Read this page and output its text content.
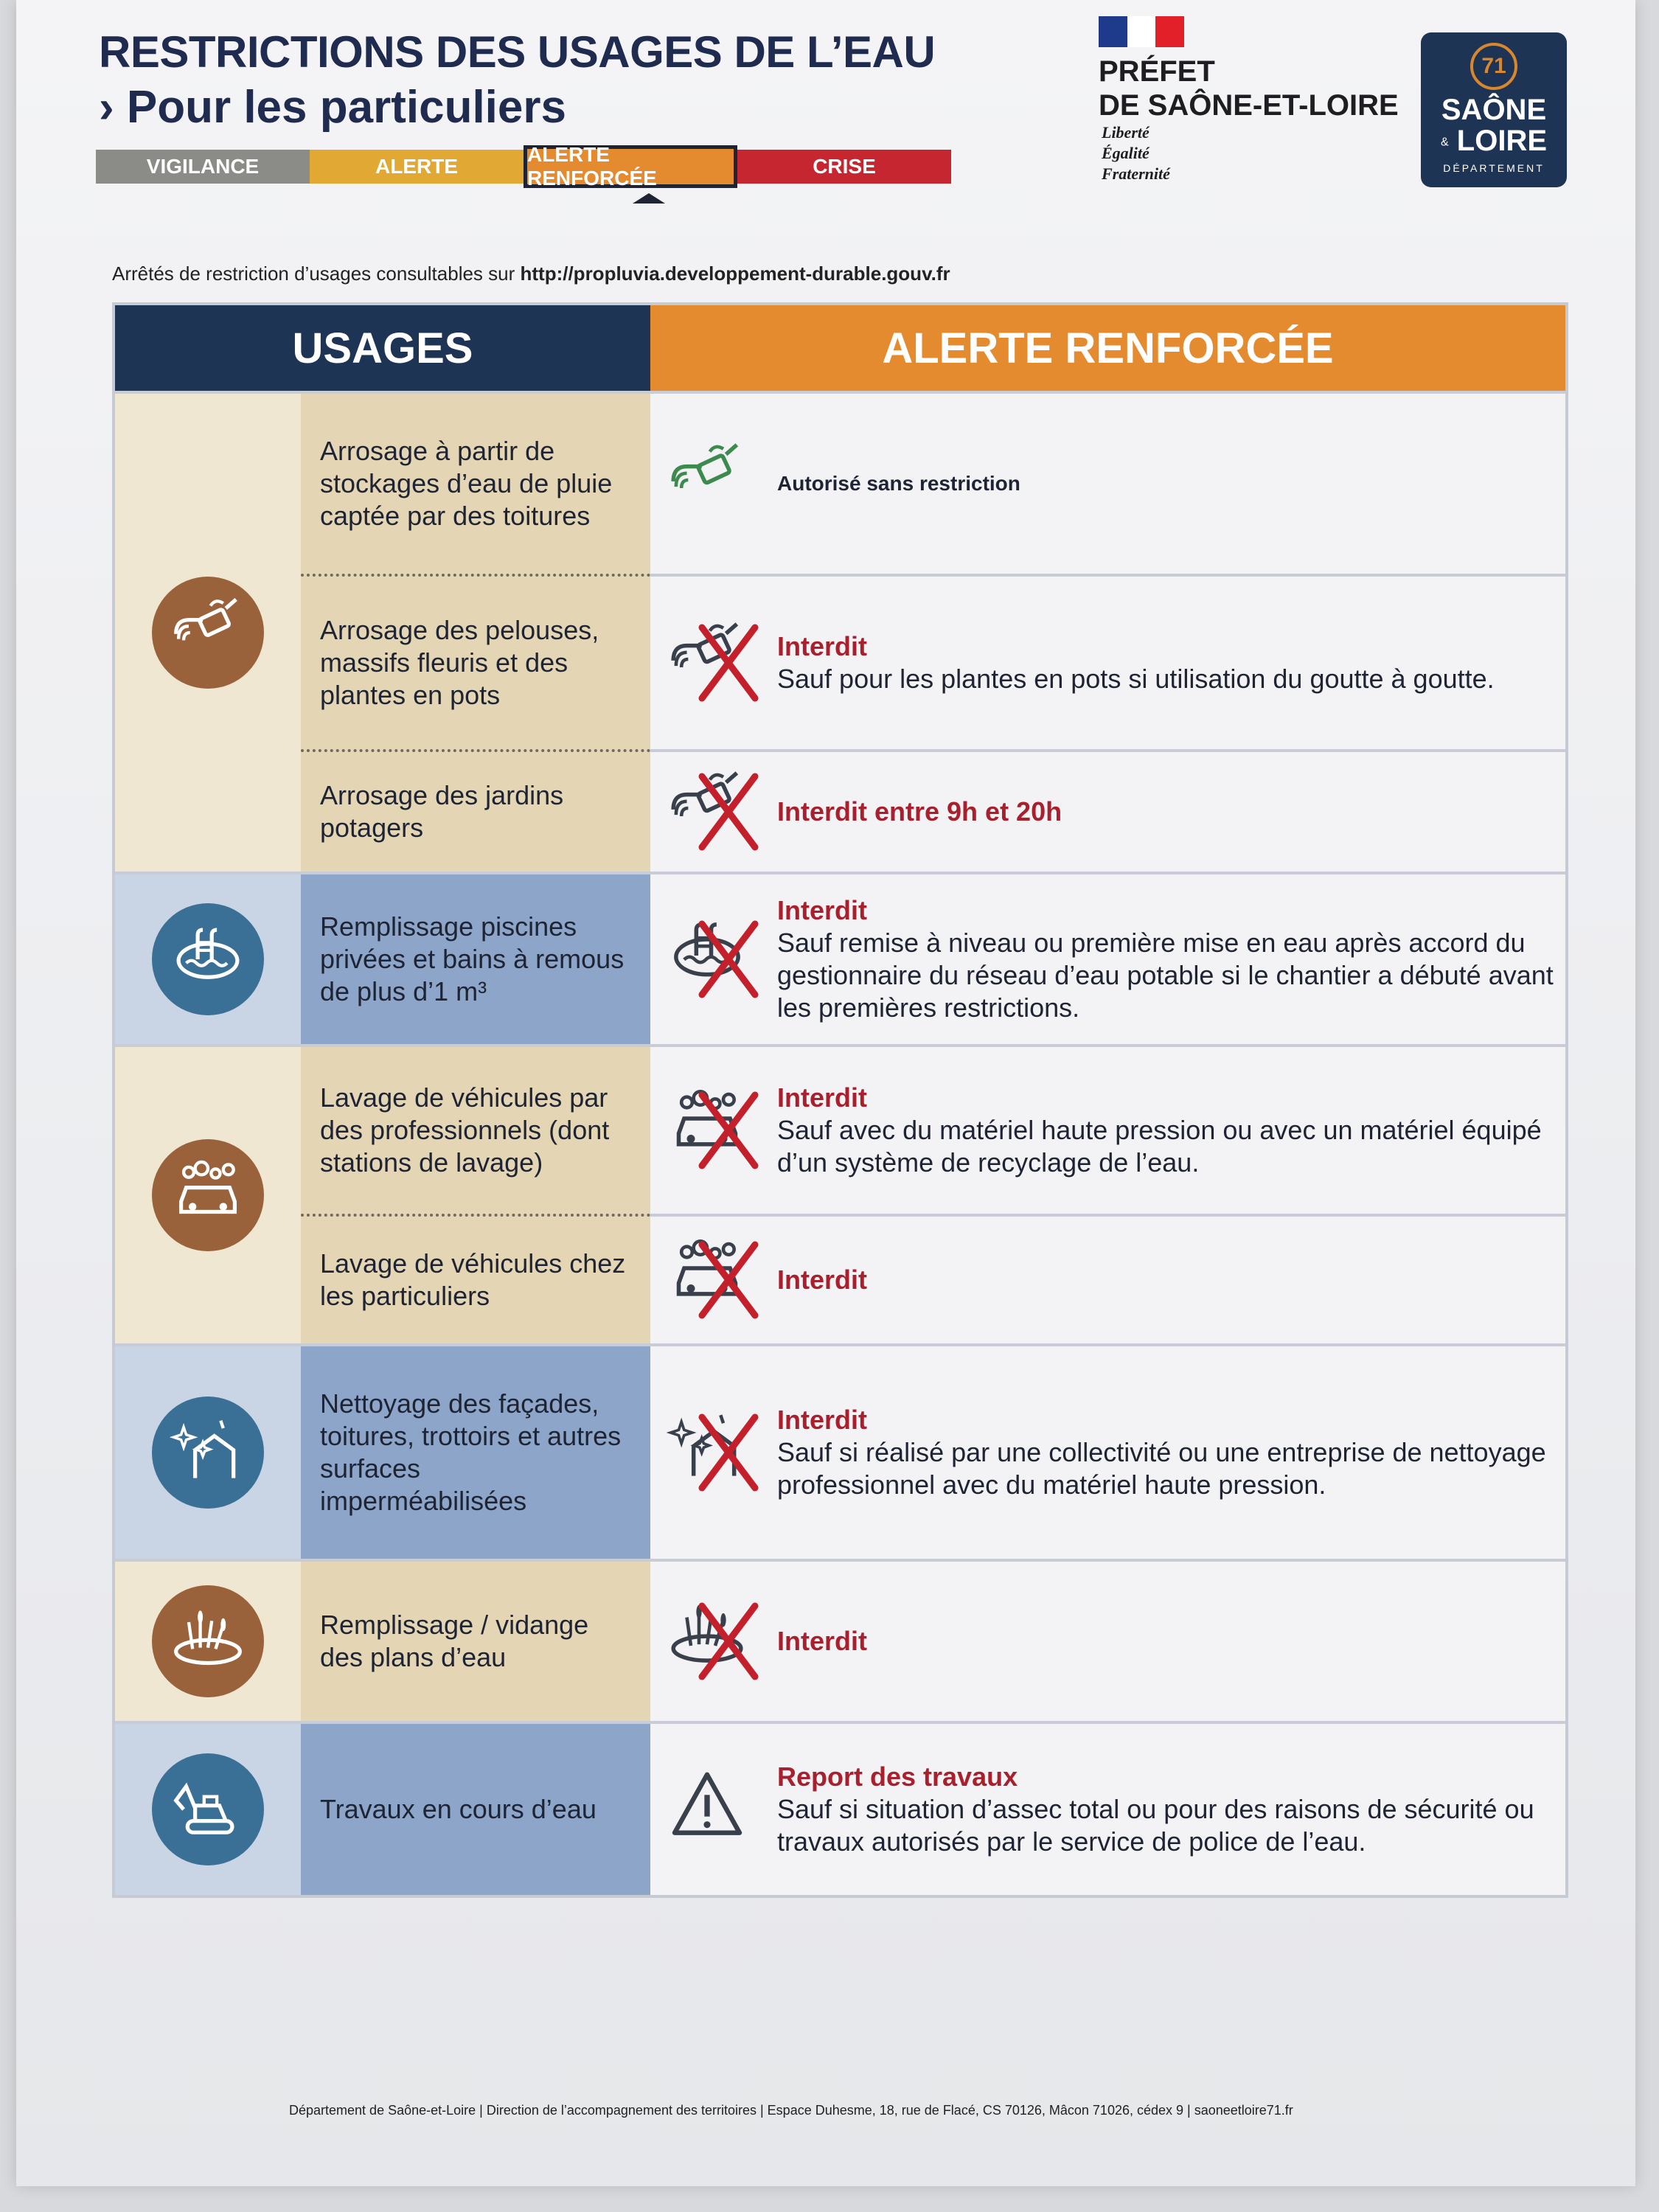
RESTRICTIONS DES USAGES DE L’EAU
› Pour les particuliers
VIGILANCE	ALERTE
ALERTE RENFORCÉE
CRISE
PRÉFET
DE SAÔNE-ET-LOIRE
Liberté
Égalité
Fraternité
71
SAÔNE
& LOIRE
DÉPARTEMENT
Arrêtés de restriction d’usages consultables sur http://propluvia.developpement-durable.gouv.fr
USAGES	ALERTE RENFORCÉE
Arrosage à partir de stockages d’eau de pluie captée par des toitures
Autorisé sans restriction
Arrosage des pelouses, massifs fleuris et des plantes en pots
Interdit
Sauf pour les plantes en pots si utilisation du goutte à goutte.
Arrosage des jardins potagers
Interdit entre 9h et 20h
Remplissage piscines privées et bains à remous de plus d’1 m³
Interdit
Sauf remise à niveau ou première mise en eau après accord du gestionnaire du réseau d’eau potable si le chantier a débuté avant les premières restrictions.
Lavage de véhicules par des professionnels (dont stations de lavage)
Interdit
Sauf avec du matériel haute pression ou avec un matériel équipé d’un système de recyclage de l’eau.
Lavage de véhicules chez les particuliers
Interdit
Nettoyage des façades, toitures, trottoirs et autres surfaces imperméabilisées
Interdit
Sauf si réalisé par une collectivité ou une entreprise de nettoyage professionnel avec du matériel haute pression.
Remplissage / vidange des plans d’eau
Interdit
Travaux en cours d’eau
Report des travaux
Sauf si situation d’assec total ou pour des raisons de sécurité ou travaux autorisés par le service de police de l’eau.
Département de Saône-et-Loire | Direction de l’accompagnement des territoires | Espace Duhesme, 18, rue de Flacé, CS 70126, Mâcon 71026, cédex 9 | saoneetloire71.fr
